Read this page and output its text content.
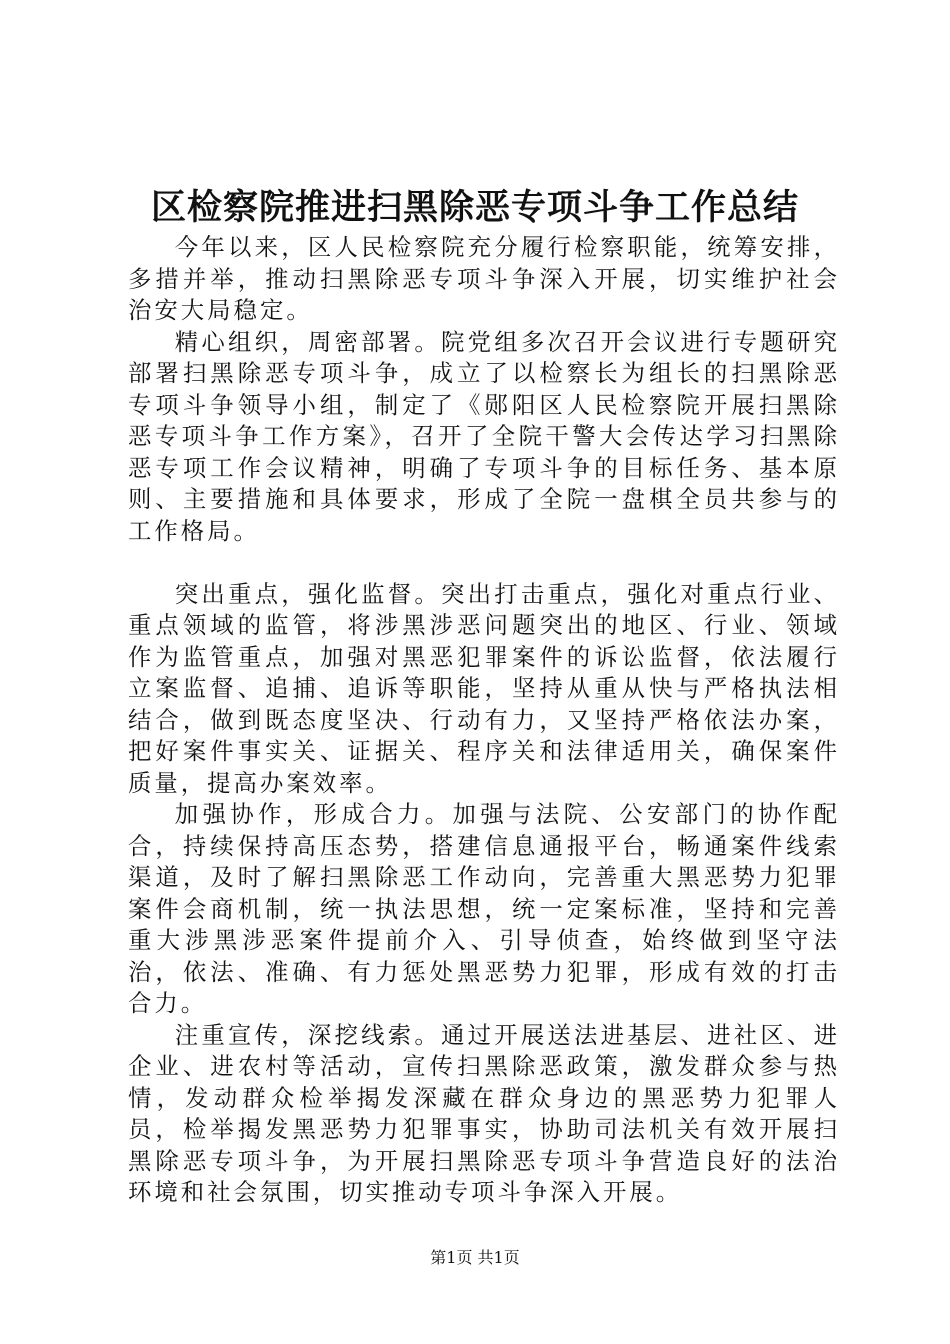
区检察院推进扫黑除恶专项斗争工作总结

今年以来，区人民检察院充分履行检察职能，统筹安排，多措并举，推动扫黑除恶专项斗争深入开展，切实维护社会治安大局稳定。

精心组织，周密部署。院党组多次召开会议进行专题研究部署扫黑除恶专项斗争，成立了以检察长为组长的扫黑除恶专项斗争领导小组，制定了《郧阳区人民检察院开展扫黑除恶专项斗争工作方案》，召开了全院干警大会传达学习扫黑除恶专项工作会议精神，明确了专项斗争的目标任务、基本原则、主要措施和具体要求，形成了全院一盘棋全员共参与的工作格局。

突出重点，强化监督。突出打击重点，强化对重点行业、重点领域的监管，将涉黑涉恶问题突出的地区、行业、领域作为监管重点，加强对黑恶犯罪案件的诉讼监督，依法履行立案监督、追捕、追诉等职能，坚持从重从快与严格执法相结合，做到既态度坚决、行动有力，又坚持严格依法办案，把好案件事实关、证据关、程序关和法律适用关，确保案件质量，提高办案效率。

加强协作，形成合力。加强与法院、公安部门的协作配合，持续保持高压态势，搭建信息通报平台，畅通案件线索渠道，及时了解扫黑除恶工作动向，完善重大黑恶势力犯罪案件会商机制，统一执法思想，统一定案标准，坚持和完善重大涉黑涉恶案件提前介入、引导侦查，始终做到坚守法治，依法、准确、有力惩处黑恶势力犯罪，形成有效的打击合力。

注重宣传，深挖线索。通过开展送法进基层、进社区、进企业、进农村等活动，宣传扫黑除恶政策，激发群众参与热情，发动群众检举揭发深藏在群众身边的黑恶势力犯罪人员，检举揭发黑恶势力犯罪事实，协助司法机关有效开展扫黑除恶专项斗争，为开展扫黑除恶专项斗争营造良好的法治环境和社会氛围，切实推动专项斗争深入开展。

第1页 共1页
